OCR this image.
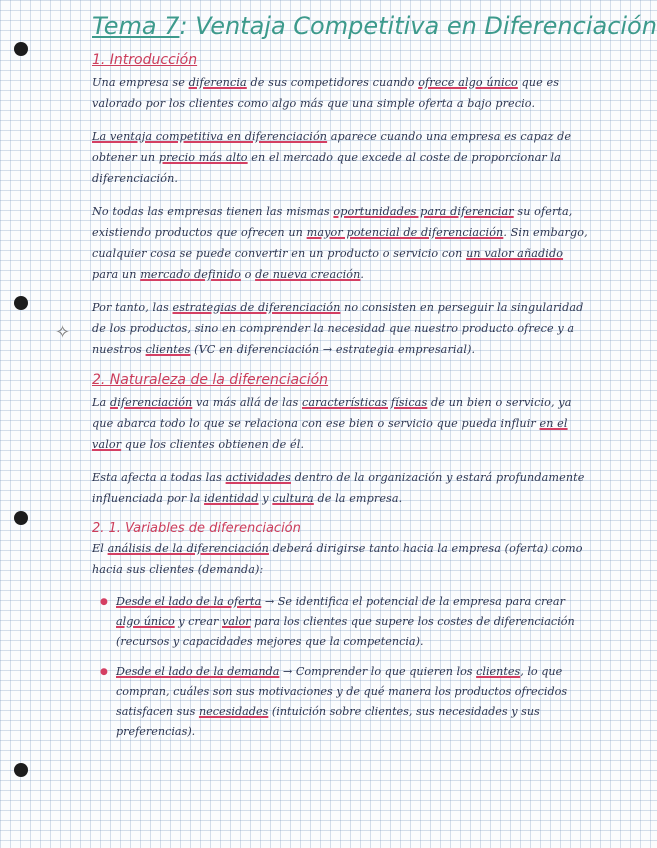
✧
Tema 7: Ventaja Competitiva en Diferenciación
1. Introducción

Una empresa se diferencia de sus competidores cuando ofrece algo único que es valorado por los clientes como algo más que una simple oferta a bajo precio.

La ventaja competitiva en diferenciación aparece cuando una empresa es capaz de obtener un precio más alto en el mercado que excede al coste de proporcionar la diferenciación.

No todas las empresas tienen las mismas oportunidades para diferenciar su oferta, existiendo productos que ofrecen un mayor potencial de diferenciación. Sin embargo, cualquier cosa se puede convertir en un producto o servicio con un valor añadido para un mercado definido o de nueva creación.

Por tanto, las estrategias de diferenciación no consisten en perseguir la singularidad de los productos, sino en comprender la necesidad que nuestro producto ofrece y a nuestros clientes (VC en diferenciación → estrategia empresarial).

2. Naturaleza de la diferenciación

La diferenciación va más allá de las características físicas de un bien o servicio, ya que abarca todo lo que se relaciona con ese bien o servicio que pueda influir en el valor que los clientes obtienen de él.

Esta afecta a todas las actividades dentro de la organización y estará profundamente influenciada por la identidad y cultura de la empresa.

2. 1. Variables de diferenciación

El análisis de la diferenciación deberá dirigirse tanto hacia la empresa (oferta) como hacia sus clientes (demanda):

● Desde el lado de la oferta → Se identifica el potencial de la empresa para crear algo único y crear valor para los clientes que supere los costes de diferenciación (recursos y capacidades mejores que la competencia).
● Desde el lado de la demanda → Comprender lo que quieren los clientes, lo que compran, cuáles son sus motivaciones y de qué manera los productos ofrecidos satisfacen sus necesidades (intuición sobre clientes, sus necesidades y sus preferencias).
